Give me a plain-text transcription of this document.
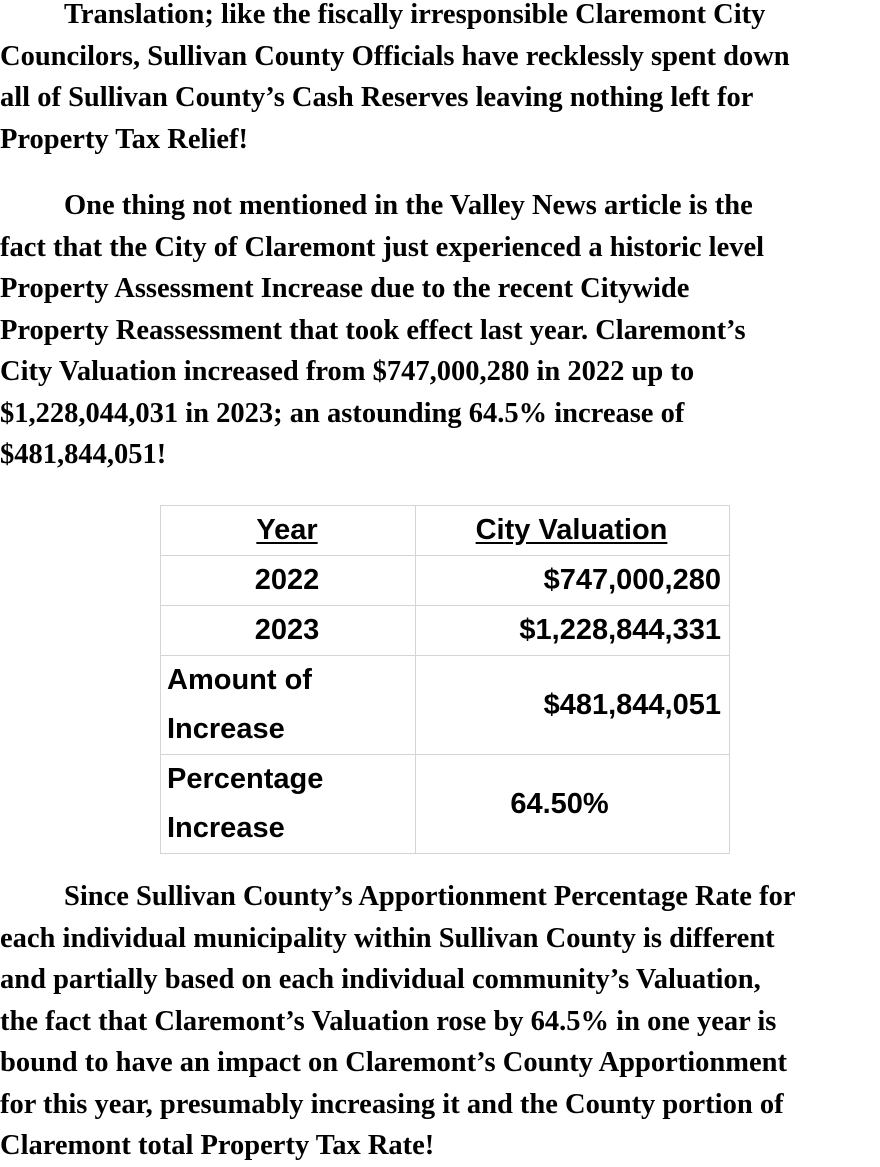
Translation; like the fiscally irresponsible Claremont City
Councilors, Sullivan County Officials have recklessly spent down
all of Sullivan County’s Cash Reserves leaving nothing left for
Property Tax Relief!
One thing not mentioned in the Valley News article is the
fact that the City of Claremont just experienced a historic level
Property Assessment Increase due to the recent Citywide
Property Reassessment that took effect last year. Claremont’s
City Valuation increased from $747,000,280 in 2022 up to
$1,228,044,031 in 2023; an astounding 64.5% increase of
$481,844,051!
Year	City Valuation
2022	$747,000,280
2023	$1,228,844,331

Amount of
Increase	$481,844,051

Percentage
Increase	64.50%
Since Sullivan County’s Apportionment Percentage Rate for
each individual municipality within Sullivan County is different
and partially based on each individual community’s Valuation,
the fact that Claremont’s Valuation rose by 64.5% in one year is
bound to have an impact on Claremont’s County Apportionment
for this year, presumably increasing it and the County portion of
Claremont total Property Tax Rate!
